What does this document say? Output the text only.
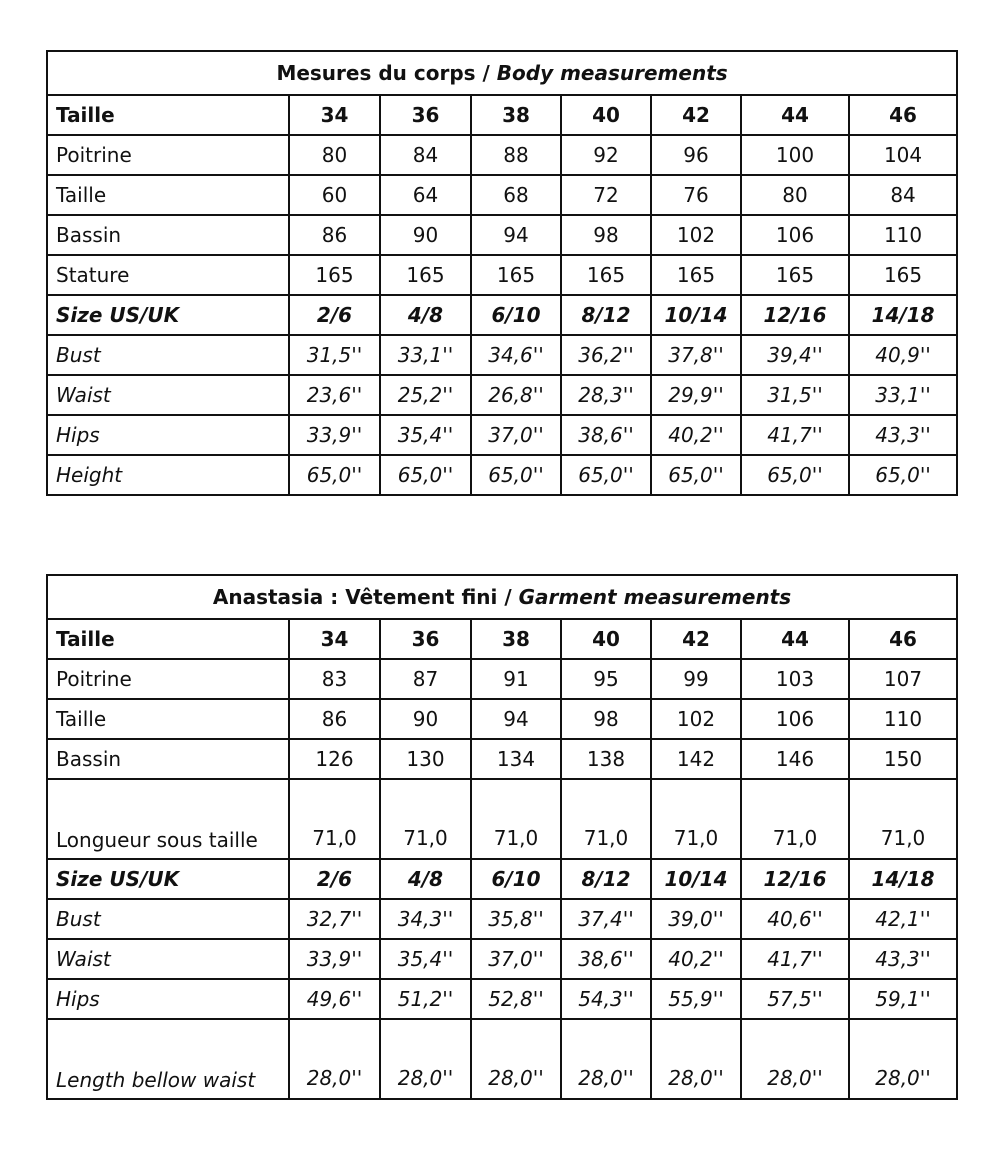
Mesures du corps / Body measurements							
Taille	34	36	38	40	42	44	46
Poitrine	80	84	88	92	96	100	104
Taille	60	64	68	72	76	80	84
Bassin	86	90	94	98	102	106	110
Stature	165	165	165	165	165	165	165
Size US/UK	2/6	4/8	6/10	8/12	10/14	12/16	14/18
Bust	31,5''	33,1''	34,6''	36,2''	37,8''	39,4''	40,9''
Waist	23,6''	25,2''	26,8''	28,3''	29,9''	31,5''	33,1''
Hips	33,9''	35,4''	37,0''	38,6''	40,2''	41,7''	43,3''
Height	65,0''	65,0''	65,0''	65,0''	65,0''	65,0''	65,0''
Anastasia : Vêtement fini / Garment measurements							
Taille	34	36	38	40	42	44	46
Poitrine	83	87	91	95	99	103	107
Taille	86	90	94	98	102	106	110
Bassin	126	130	134	138	142	146	150
Longueur sous taille	71,0	71,0	71,0	71,0	71,0	71,0	71,0
Size US/UK	2/6	4/8	6/10	8/12	10/14	12/16	14/18
Bust	32,7''	34,3''	35,8''	37,4''	39,0''	40,6''	42,1''
Waist	33,9''	35,4''	37,0''	38,6''	40,2''	41,7''	43,3''
Hips	49,6''	51,2''	52,8''	54,3''	55,9''	57,5''	59,1''
Length bellow waist	28,0''	28,0''	28,0''	28,0''	28,0''	28,0''	28,0''
